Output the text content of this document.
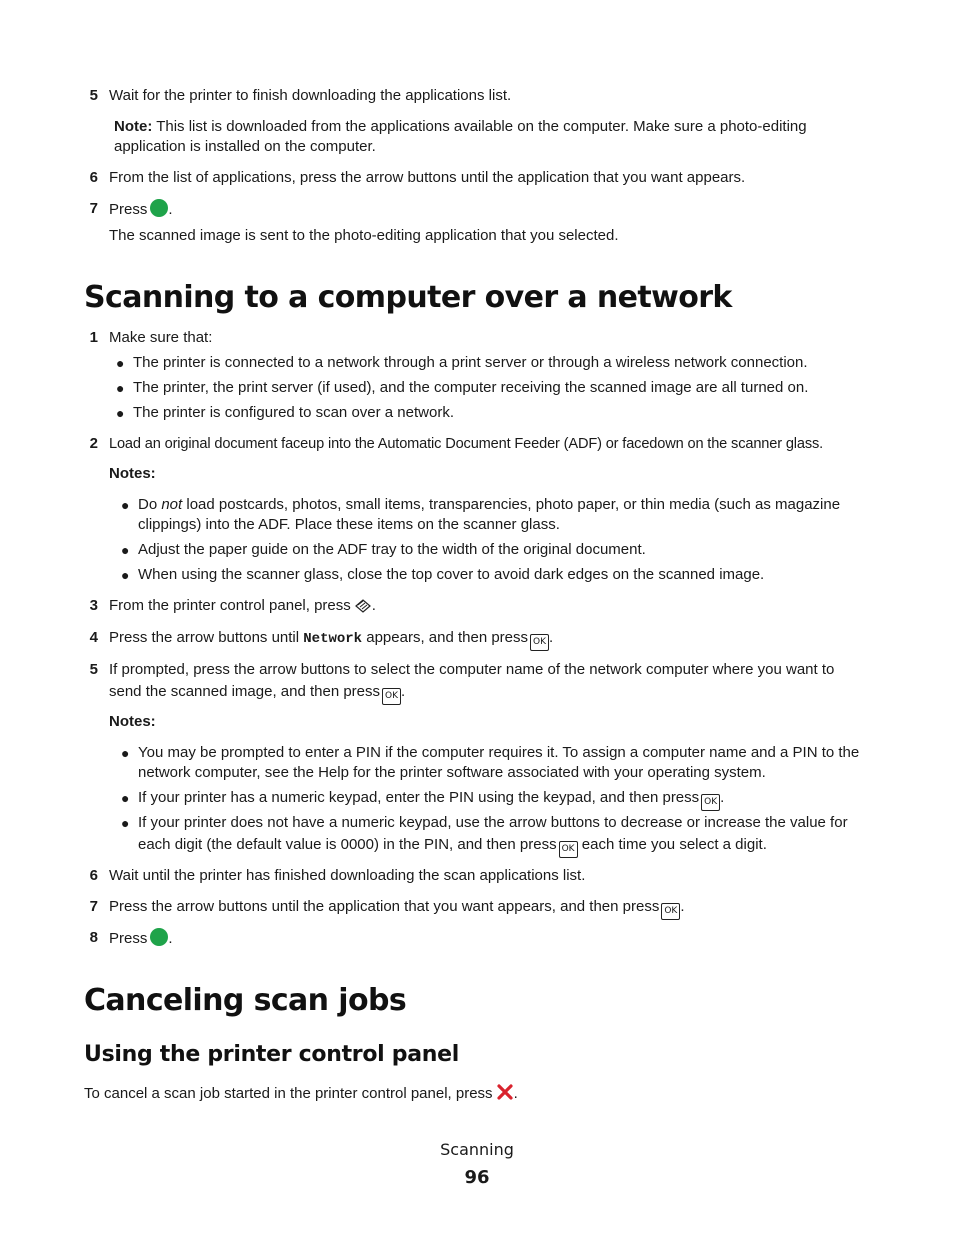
5 Wait for the printer to finish downloading the applications list.
Note: This list is downloaded from the applications available on the computer. Make sure a photo-editing
application is installed on the computer.
6 From the list of applications, press the arrow buttons until the application that you want appears.
7 Press .
The scanned image is sent to the photo-editing application that you selected.
Scanning to a computer over a network
1 Make sure that:
● The printer is connected to a network through a print server or through a wireless network connection.
● The printer, the print server (if used), and the computer receiving the scanned image are all turned on.
● The printer is configured to scan over a network.
2 Load an original document faceup into the Automatic Document Feeder (ADF) or facedown on the scanner glass.
Notes:
● Do not load postcards, photos, small items, transparencies, photo paper, or thin media (such as magazine
clippings) into the ADF. Place these items on the scanner glass.
● Adjust the paper guide on the ADF tray to the width of the original document.
● When using the scanner glass, close the top cover to avoid dark edges on the scanned image.
3 From the printer control panel, press .
4 Press the arrow buttons until Network appears, and then press OK .
5 If prompted, press the arrow buttons to select the computer name of the network computer where you want to
send the scanned image, and then press OK .
Notes:
● You may be prompted to enter a PIN if the computer requires it. To assign a computer name and a PIN to the
network computer, see the Help for the printer software associated with your operating system.
● If your printer has a numeric keypad, enter the PIN using the keypad, and then press OK .
● If your printer does not have a numeric keypad, use the arrow buttons to decrease or increase the value for
each digit (the default value is 0000) in the PIN, and then press OK each time you select a digit.
6 Wait until the printer has finished downloading the scan applications list.
7 Press the arrow buttons until the application that you want appears, and then press OK .
8 Press .
Canceling scan jobs
Using the printer control panel
To cancel a scan job started in the printer control panel, press .
Scanning
96
